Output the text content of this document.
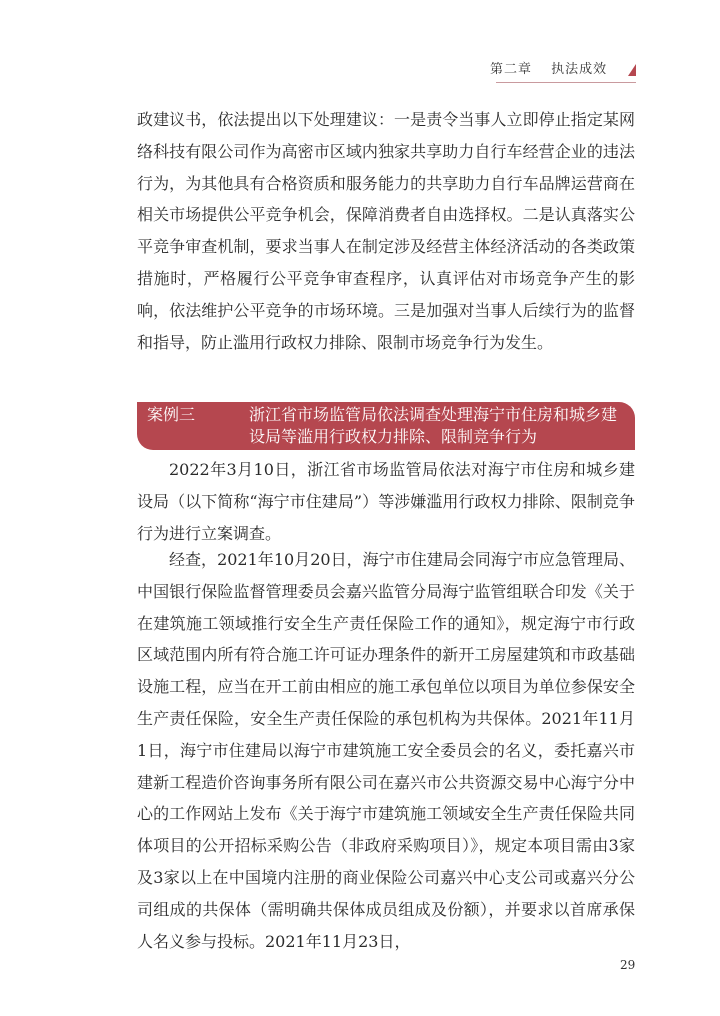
第二章 执法成效
政建议书，依法提出以下处理建议：一是责令当事人立即停止指定某网络科技有限公司作为高密市区域内独家共享助力自行车经营企业的违法行为，为其他具有合格资质和服务能力的共享助力自行车品牌运营商在相关市场提供公平竞争机会，保障消费者自由选择权。二是认真落实公平竞争审查机制，要求当事人在制定涉及经营主体经济活动的各类政策措施时，严格履行公平竞争审查程序，认真评估对市场竞争产生的影响，依法维护公平竞争的市场环境。三是加强对当事人后续行为的监督和指导，防止滥用行政权力排除、限制市场竞争行为发生。
案例三	浙江省市场监管局依法调查处理海宁市住房和城乡建设局等滥用行政权力排除、限制竞争行为
2022年3月10日，浙江省市场监管局依法对海宁市住房和城乡建设局（以下简称“海宁市住建局”）等涉嫌滥用行政权力排除、限制竞争行为进行立案调查。
经查，2021年10月20日，海宁市住建局会同海宁市应急管理局、中国银行保险监督管理委员会嘉兴监管分局海宁监管组联合印发《关于在建筑施工领域推行安全生产责任保险工作的通知》，规定海宁市行政区域范围内所有符合施工许可证办理条件的新开工房屋建筑和市政基础设施工程，应当在开工前由相应的施工承包单位以项目为单位参保安全生产责任保险，安全生产责任保险的承包机构为共保体。2021年11月1日，海宁市住建局以海宁市建筑施工安全委员会的名义，委托嘉兴市建新工程造价咨询事务所有限公司在嘉兴市公共资源交易中心海宁分中心的工作网站上发布《关于海宁市建筑施工领域安全生产责任保险共同体项目的公开招标采购公告（非政府采购项目）》，规定本项目需由3家及3家以上在中国境内注册的商业保险公司嘉兴中心支公司或嘉兴分公司组成的共保体（需明确共保体成员组成及份额），并要求以首席承保人名义参与投标。2021年11月23日，
29
